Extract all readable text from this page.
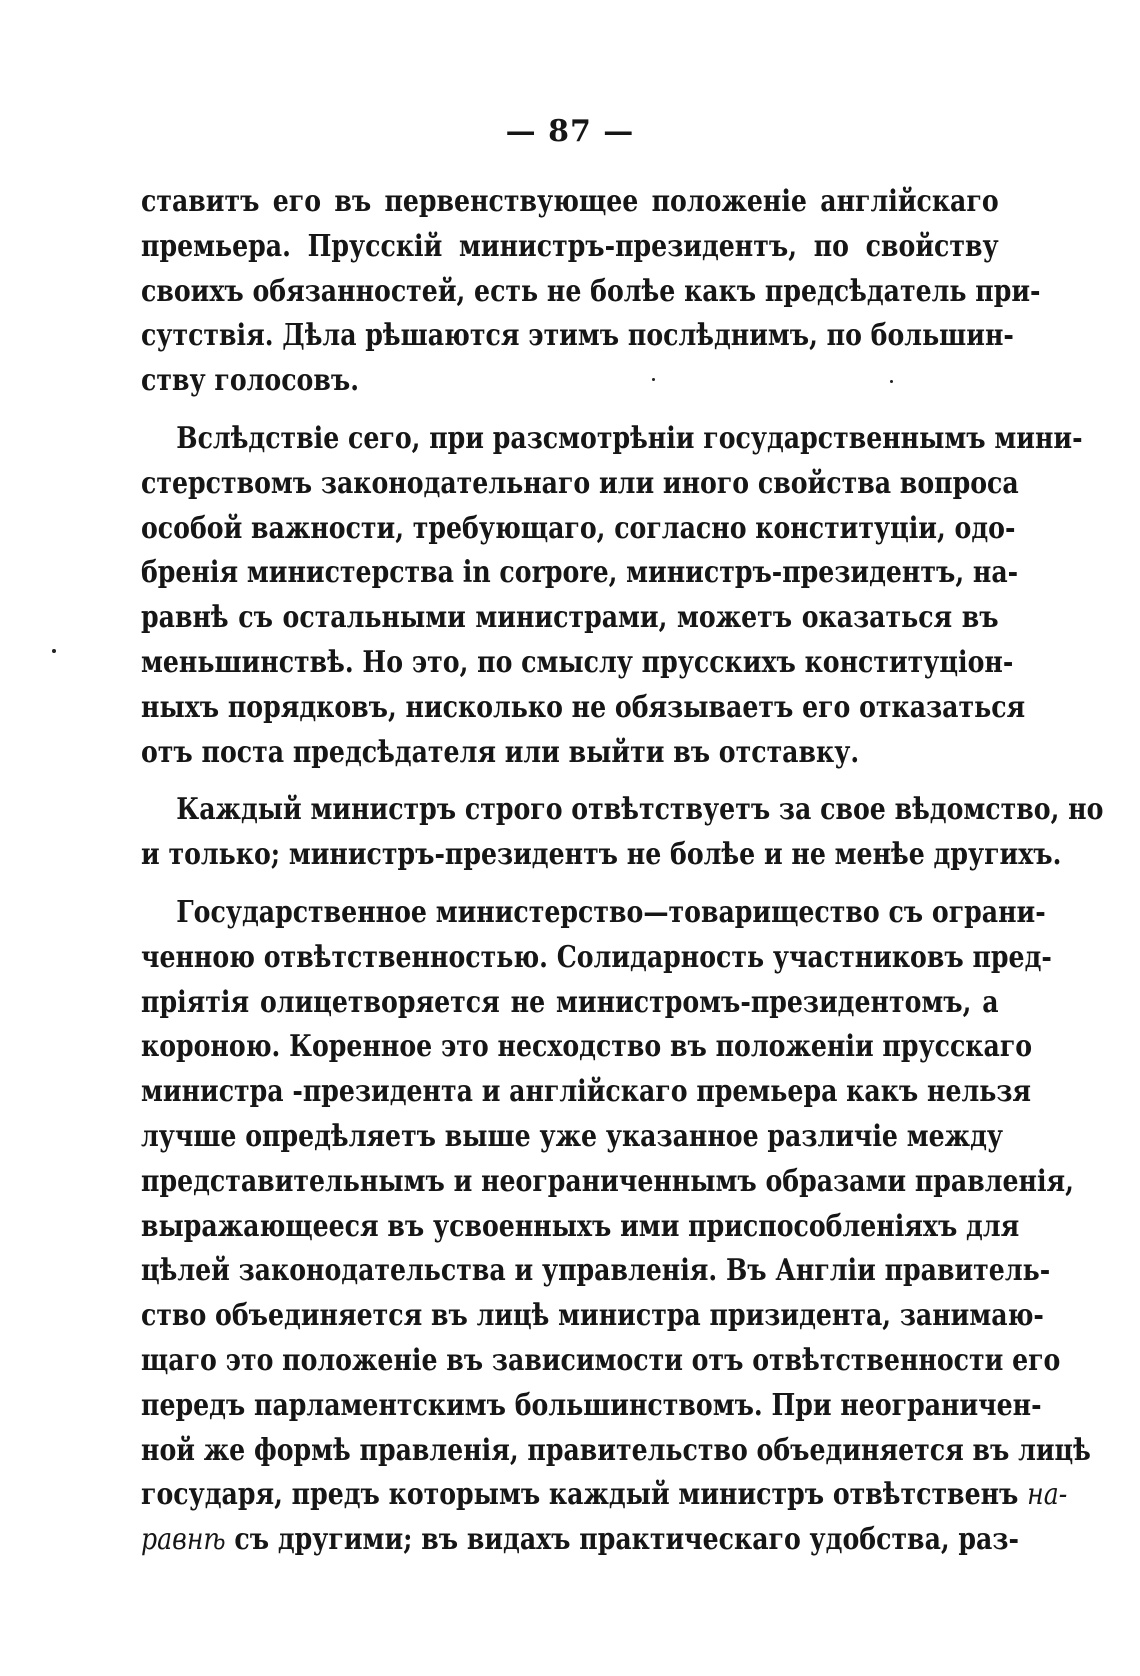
— 87 —
ставитъ его въ первенствующее положеніе англійскаго
премьера. Прусскій министръ-президентъ, по свойству
своихъ обязанностей, есть не болѣе какъ предсѣдатель при-
сутствія. Дѣла рѣшаются этимъ послѣднимъ, по большин-
ству голосовъ.
Вслѣдствіе сего, при разсмотрѣніи государственнымъ мини-
стерствомъ законодательнаго или иного свойства вопроса
особой важности, требующаго, согласно конституціи, одо-
бренія министерства in corpore, министръ-президентъ, на-
равнѣ съ остальными министрами, можетъ оказаться въ
меньшинствѣ. Но это, по смыслу прусскихъ конституціон-
ныхъ порядковъ, нисколько не обязываетъ его отказаться
отъ поста предсѣдателя или выйти въ отставку.
Каждый министръ строго отвѣтствуетъ за свое вѣдомство, но
и только; министръ-президентъ не болѣе и не менѣе другихъ.
Государственное министерство—товарищество съ ограни-
ченною отвѣтственностью. Солидарность участниковъ пред-
пріятія олицетворяется не министромъ-президентомъ, а
короною. Коренное это несходство въ положеніи прусскаго
министра -президента и англійскаго премьера какъ нельзя
лучше опредѣляетъ выше уже указанное различіе между
представительнымъ и неограниченнымъ образами правленія,
выражающееся въ усвоенныхъ ими приспособленіяхъ для
цѣлей законодательства и управленія. Въ Англіи правитель-
ство объединяется въ лицѣ министра призидента, занимаю-
щаго это положеніе въ зависимости отъ отвѣтственности его
передъ парламентскимъ большинствомъ. При неограничен-
ной же формѣ правленія, правительство объединяется въ лицѣ
государя, предъ которымъ каждый министръ отвѣтственъ на-
равнѣ съ другими; въ видахъ практическаго удобства, раз-
